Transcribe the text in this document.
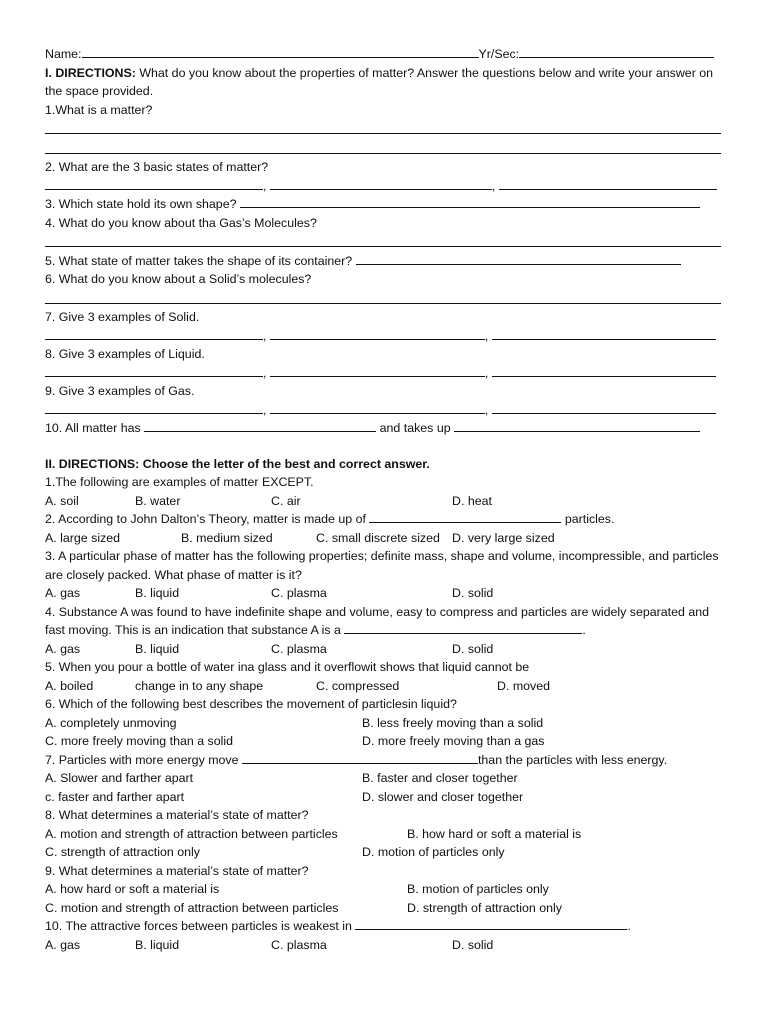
Name:	Yr/Sec:
I. DIRECTIONS: What do you know about the properties of matter? Answer the questions below and write your answer on the space provided.
1.What is a matter?
2. What are the 3 basic states of matter?
,	,
3. Which state hold its own shape?
4. What do you know about tha Gas’s Molecules?
5. What state of matter takes the shape of its container?
6. What do you know about a Solid’s molecules?
7. Give 3 examples of Solid.
,	,
8. Give 3 examples of Liquid.
,	,
9. Give 3 examples of Gas.
,	,
10. All matter has	and takes up
II. DIRECTIONS: Choose the letter of the best and correct answer.
1.The following are examples of matter EXCEPT.
A. soil	B. water	C. air	D. heat
2. According to John Dalton’s Theory, matter is made up of	particles.
A. large sized	B. medium sized	C. small discrete sized D. very large sized
3. A particular phase of matter has the following properties; definite mass, shape and volume, incompressible, and particles are closely packed. What phase of matter is it?
A. gas	B. liquid	C. plasma	D. solid
4. Substance A was found to have indefinite shape and volume, easy to compress and particles are widely separated and fast moving. This is an indication that substance A is a	.
A. gas	B. liquid	C. plasma	D. solid
5. When you pour a bottle of water ina glass and it overflowit shows that liquid cannot be
A. boiled	change in to any shape	C. compressed	D. moved
6. Which of the following best describes the movement of particlesin liquid?
A. completely unmoving	B. less freely moving than a solid
C. more freely moving than a solid	D. more freely moving than a gas
7. Particles with more energy move	than the particles with less energy.
A. Slower and farther apart	B. faster and closer together
c. faster and farther apart	D. slower and closer together
8. What determines a material’s state of matter?
A. motion and strength of attraction between particles	B. how hard or soft a material is
C. strength of attraction only	D. motion of particles only
9. What determines a material’s state of matter?
A. how hard or soft a material is	B. motion of particles only
C. motion and strength of attraction between particles	D. strength of attraction only
10. The attractive forces between particles is weakest in	.
A. gas	B. liquid	C. plasma	D. solid
